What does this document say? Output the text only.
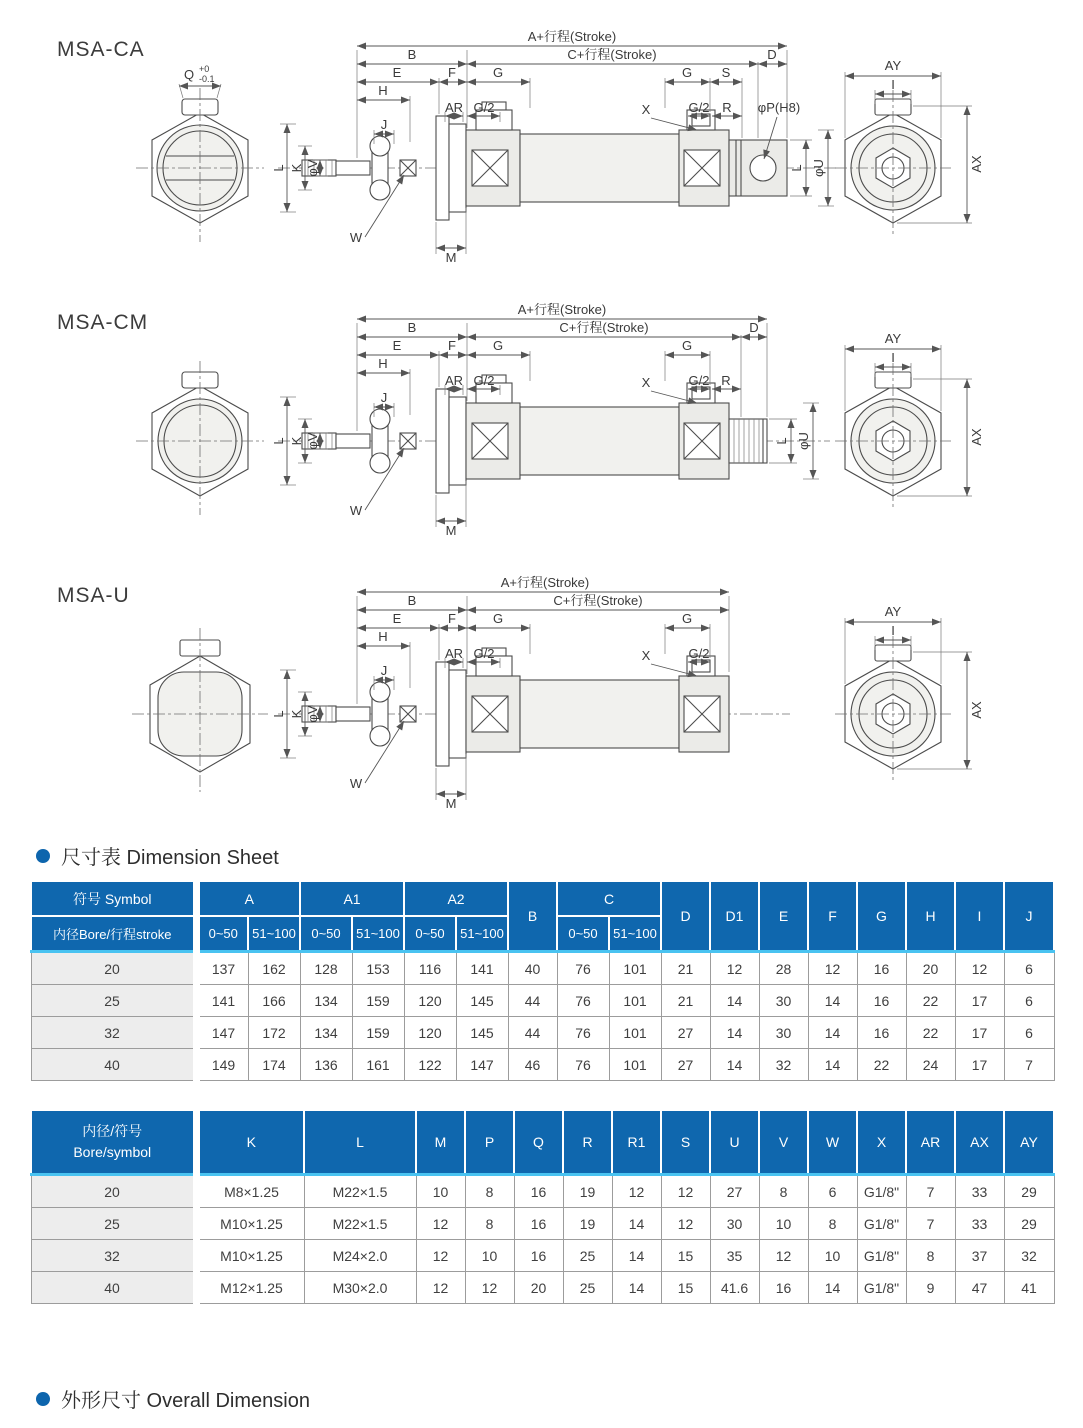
MSA-CA
Q +0
-0.1
A+行程(Stroke)
B	C+行程(Stroke)	D
E	F	G	G S
H
AR G/2	X	G/2 R φP(H8)
J
W
M
L K φV	L φU
AY
I
AX
MSA-CM
A+行程(Stroke)
B	C+行程(Stroke)	D
E	F	G	G
H
AR G/2	X	G/2 R
J
W
M
L K φV	L φU
AY
I
AX
MSA-U
A+行程(Stroke)
B	C+行程(Stroke)
E	F	G	G
H
AR G/2	X	G/2
J
W
M
L K φV
AY
I
AX
尺寸表 Dimension Sheet
符号 Symbol	A		A1		A2		B	C		D	D1	E	F	G	H	I	J
内径Bore/行程stroke	0~50	51~100	0~50	51~100	0~50	51~100		0~50	51~100								
20	137	162	128	153	116	141	40	76	101	21	12	28	12	16	20	12	6
25	141	166	134	159	120	145	44	76	101	21	14	30	14	16	22	17	6
32	147	172	134	159	120	145	44	76	101	27	14	30	14	16	22	17	6
40	149	174	136	161	122	147	46	76	101	27	14	32	14	22	24	17	7
内径/符号
Bore/symbol	K	L	M	P	Q	R	R1	S	U	V	W	X	AR	AX	AY
20	M8×1.25	M22×1.5	10	8	16	19	12	12	27	8	6	G1/8"	7	33	29
25	M10×1.25	M22×1.5	12	8	16	19	14	12	30	10	8	G1/8"	7	33	29
32	M10×1.25	M24×2.0	12	10	16	25	14	15	35	12	10	G1/8"	8	37	32
40	M12×1.25	M30×2.0	12	12	20	25	14	15	41.6	16	14	G1/8"	9	47	41
外形尺寸 Overall Dimension
